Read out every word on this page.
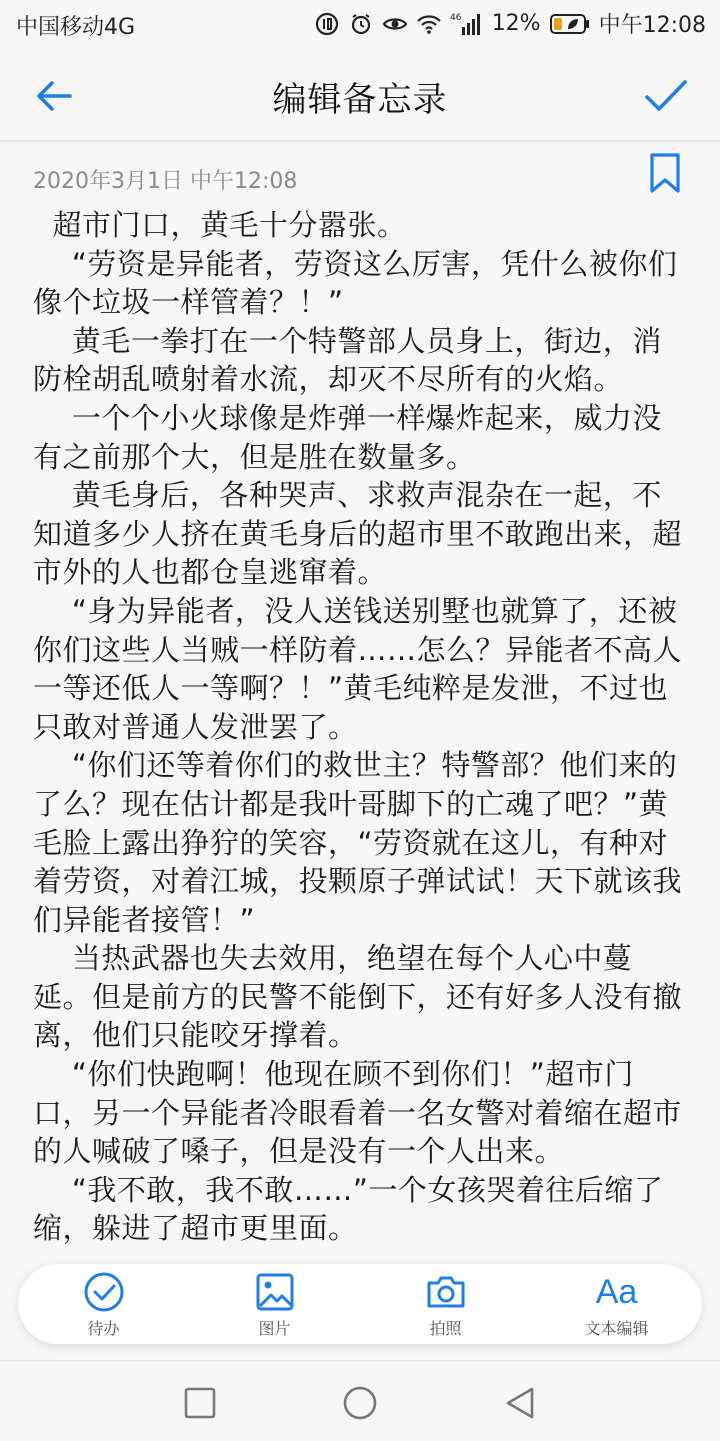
中国移动4G	46 12%	中午12:08
编辑备忘录
2020年3月1日 中午12:08
超市门口，黄毛十分嚣张。
“劳资是异能者，劳资这么厉害，凭什么被你们像个垃圾一样管着？！”
黄毛一拳打在一个特警部人员身上，街边，消防栓胡乱喷射着水流，却灭不尽所有的火焰。
一个个小火球像是炸弹一样爆炸起来，威力没有之前那个大，但是胜在数量多。
黄毛身后，各种哭声、求救声混杂在一起，不知道多少人挤在黄毛身后的超市里不敢跑出来，超市外的人也都仓皇逃窜着。
“身为异能者，没人送钱送别墅也就算了，还被你们这些人当贼一样防着……怎么？异能者不高人一等还低人一等啊？！”黄毛纯粹是发泄，不过也只敢对普通人发泄罢了。
“你们还等着你们的救世主？特警部？他们来的了么？现在估计都是我叶哥脚下的亡魂了吧？”黄毛脸上露出狰狞的笑容，“劳资就在这儿，有种对着劳资，对着江城，投颗原子弹试试！天下就该我们异能者接管！”
当热武器也失去效用，绝望在每个人心中蔓延。但是前方的民警不能倒下，还有好多人没有撤离，他们只能咬牙撑着。
“你们快跑啊！他现在顾不到你们！”超市门口，另一个异能者冷眼看着一名女警对着缩在超市的人喊破了嗓子，但是没有一个人出来。
“我不敢，我不敢……”一个女孩哭着往后缩了缩，躲进了超市更里面。
待办	图片	拍照
Aa
文本编辑
